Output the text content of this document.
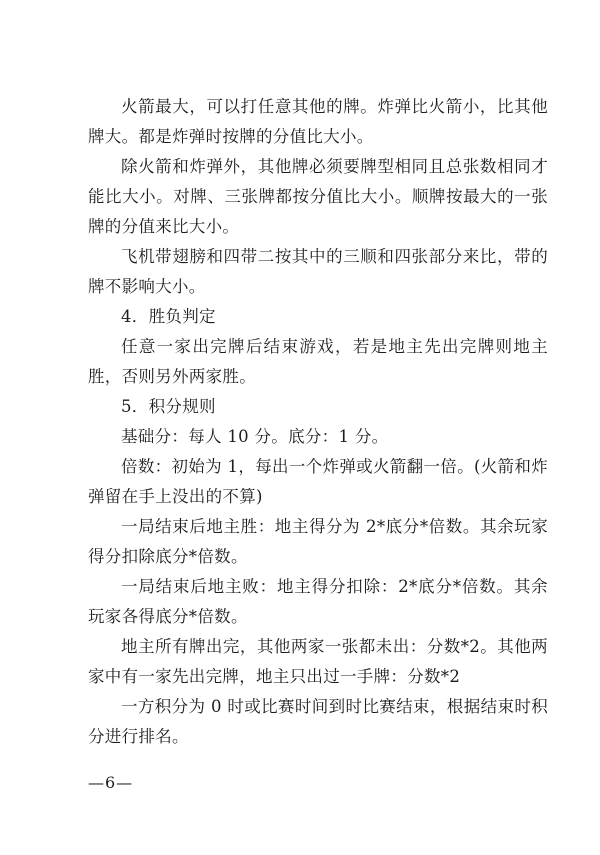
火箭最大，可以打任意其他的牌。炸弹比火箭小，比其他牌大。都是炸弹时按牌的分值比大小。

除火箭和炸弹外，其他牌必须要牌型相同且总张数相同才能比大小。对牌、三张牌都按分值比大小。顺牌按最大的一张牌的分值来比大小。

飞机带翅膀和四带二按其中的三顺和四张部分来比，带的牌不影响大小。

4．胜负判定

任意一家出完牌后结束游戏，若是地主先出完牌则地主胜，否则另外两家胜。

5．积分规则

基础分：每人 10 分。底分：1 分。

倍数：初始为 1，每出一个炸弹或火箭翻一倍。(火箭和炸弹留在手上没出的不算)

一局结束后地主胜：地主得分为 2*底分*倍数。其余玩家得分扣除底分*倍数。

一局结束后地主败：地主得分扣除：2*底分*倍数。其余玩家各得底分*倍数。

地主所有牌出完，其他两家一张都未出：分数*2。其他两家中有一家先出完牌，地主只出过一手牌：分数*2

一方积分为 0 时或比赛时间到时比赛结束，根据结束时积分进行排名。

—6—
